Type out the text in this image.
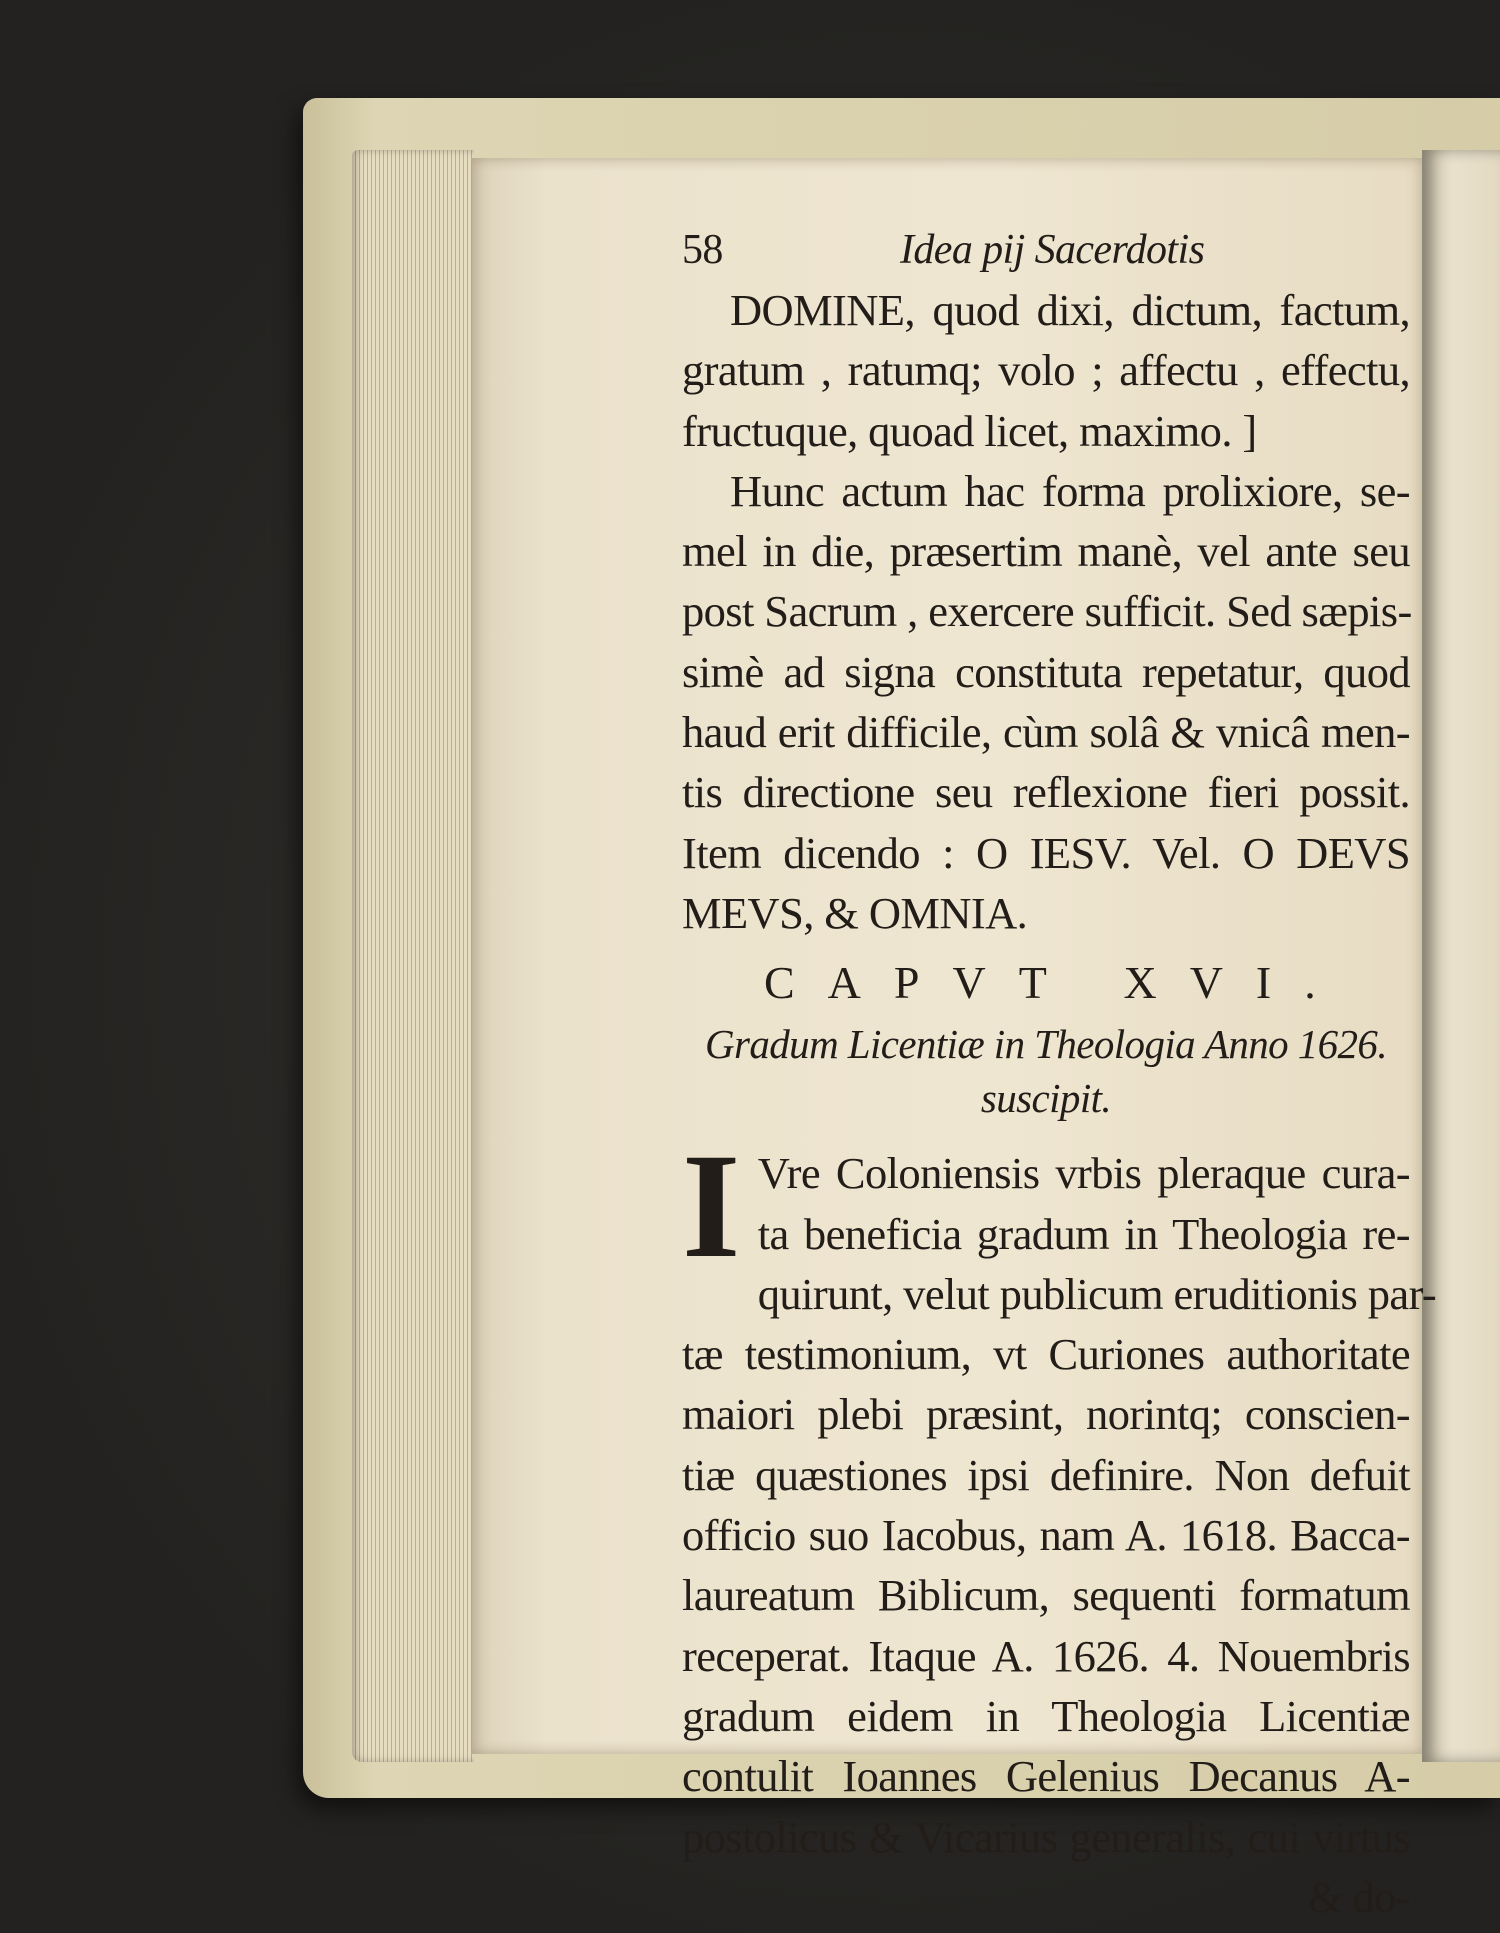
58	Idea pij Sacerdotis
DOMINE, quod dixi, dictum, factum,
gratum , ratumq; volo ; affectu , effectu,
fructuque, quoad licet, maximo. ]
Hunc actum hac forma prolixiore, se-
mel in die, præsertim manè, vel ante seu
post Sacrum , exercere sufficit. Sed sæpis-
simè ad signa constituta repetatur, quod
haud erit difficile, cùm solâ & vnicâ men-
tis directione seu reflexione fieri possit.
Item dicendo : O IESV. Vel. O DEVS
MEVS, & OMNIA.
CAPVT XVI.
Gradum Licentiæ in Theologia Anno 1626.
suscipit.
I Vre Coloniensis vrbis pleraque cura-
ta beneficia gradum in Theologia re-
quirunt, velut publicum eruditionis par-
tæ testimonium, vt Curiones authoritate
maiori plebi præsint, norintq; conscien-
tiæ quæstiones ipsi definire. Non defuit
officio suo Iacobus, nam A. 1618. Bacca-
laureatum Biblicum, sequenti formatum
receperat. Itaque A. 1626. 4. Nouembris
gradum eidem in Theologia Licentiæ
contulit Ioannes Gelenius Decanus A-
postolicus & Vicarius generalis, cui virtus
& do-
